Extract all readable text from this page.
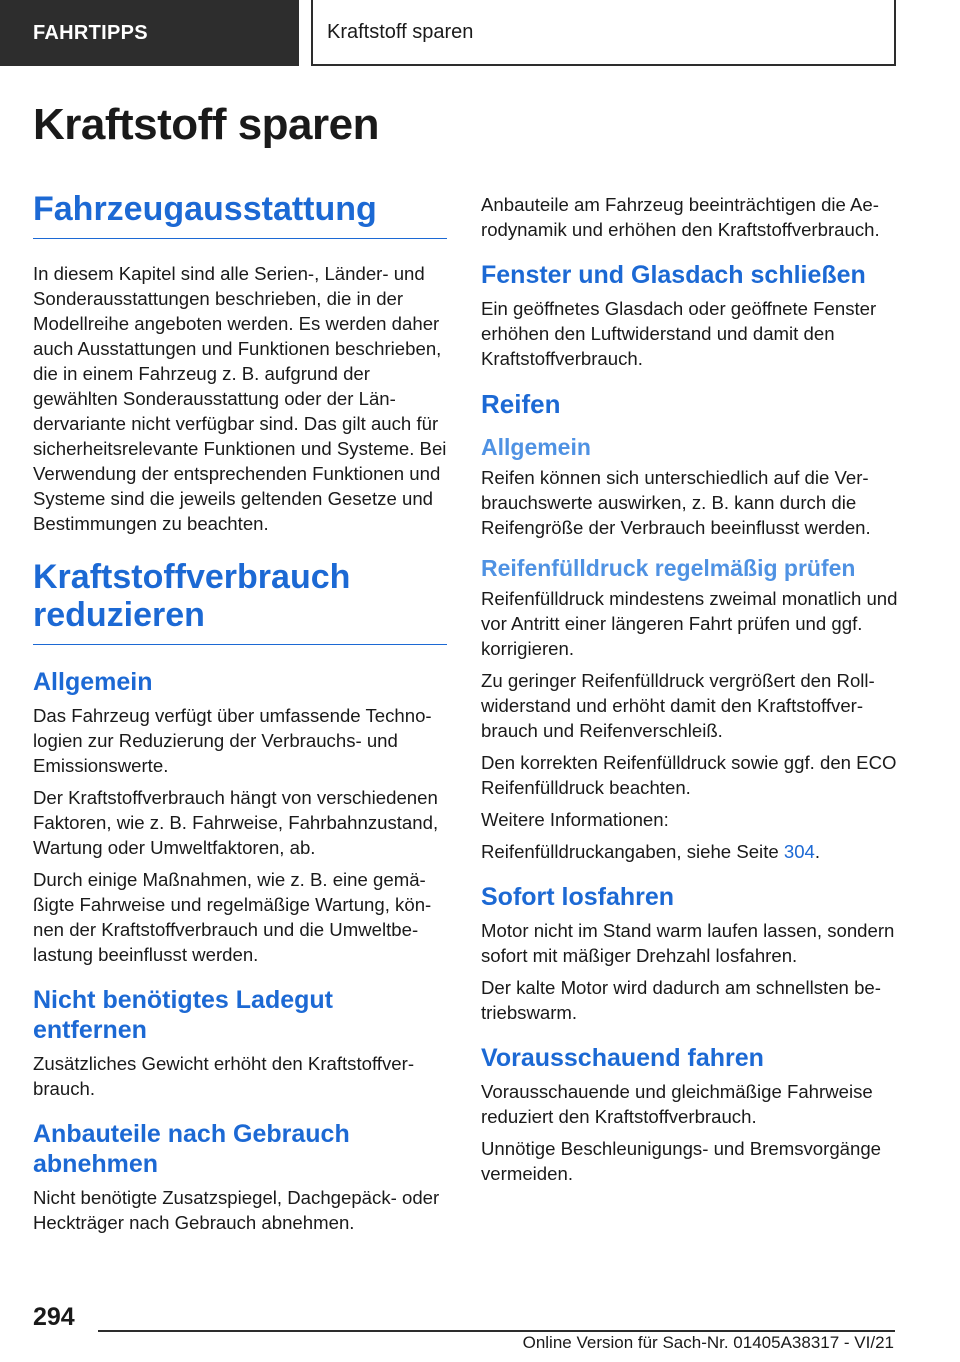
FAHRTIPPS	Kraftstoff sparen
Kraftstoff sparen
Fahrzeugausstattung

In diesem Kapitel sind alle Serien-, Länder- und Sonderausstattungen beschrieben, die in der Modellreihe angeboten werden. Es werden daher auch Ausstattungen und Funktionen beschrieben, die in einem Fahrzeug z. B. aufgrund der gewählten Sonderausstattung oder der Ländervariante nicht verfügbar sind. Das gilt auch für sicherheitsrelevante Funktionen und Systeme. Bei Verwendung der entsprechenden Funktionen und Systeme sind die jeweils geltenden Gesetze und Bestimmungen zu beachten.

Kraftstoffverbrauch reduzieren
Allgemein

Das Fahrzeug verfügt über umfassende Technologien zur Reduzierung der Verbrauchs- und Emissionswerte.

Der Kraftstoffverbrauch hängt von verschiedenen Faktoren, wie z. B. Fahrweise, Fahrbahnzustand, Wartung oder Umweltfaktoren, ab.

Durch einige Maßnahmen, wie z. B. eine gemäßigte Fahrweise und regelmäßige Wartung, können der Kraftstoffverbrauch und die Umweltbelastung beeinflusst werden.

Nicht benötigtes Ladegut entfernen

Zusätzliches Gewicht erhöht den Kraftstoffverbrauch.

Anbauteile nach Gebrauch abnehmen

Nicht benötigte Zusatzspiegel, Dachgepäck- oder Heckträger nach Gebrauch abnehmen.

Anbauteile am Fahrzeug beeinträchtigen die Aerodynamik und erhöhen den Kraftstoffverbrauch.

Fenster und Glasdach schließen

Ein geöffnetes Glasdach oder geöffnete Fenster erhöhen den Luftwiderstand und damit den Kraftstoffverbrauch.

Reifen
Allgemein

Reifen können sich unterschiedlich auf die Verbrauchswerte auswirken, z. B. kann durch die Reifengröße der Verbrauch beeinflusst werden.

Reifenfülldruck regelmäßig prüfen

Reifenfülldruck mindestens zweimal monatlich und vor Antritt einer längeren Fahrt prüfen und ggf. korrigieren.

Zu geringer Reifenfülldruck vergrößert den Rollwiderstand und erhöht damit den Kraftstoffverbrauch und Reifenverschleiß.

Den korrekten Reifenfülldruck sowie ggf. den ECO Reifenfülldruck beachten.

Weitere Informationen:

Reifenfülldruckangaben, siehe Seite 304.

Sofort losfahren

Motor nicht im Stand warm laufen lassen, sondern sofort mit mäßiger Drehzahl losfahren.

Der kalte Motor wird dadurch am schnellsten betriebswarm.

Vorausschauend fahren

Vorausschauende und gleichmäßige Fahrweise reduziert den Kraftstoffverbrauch.

Unnötige Beschleunigungs- und Bremsvorgänge vermeiden.

294
Online Version für Sach-Nr. 01405A38317 - VI/21
